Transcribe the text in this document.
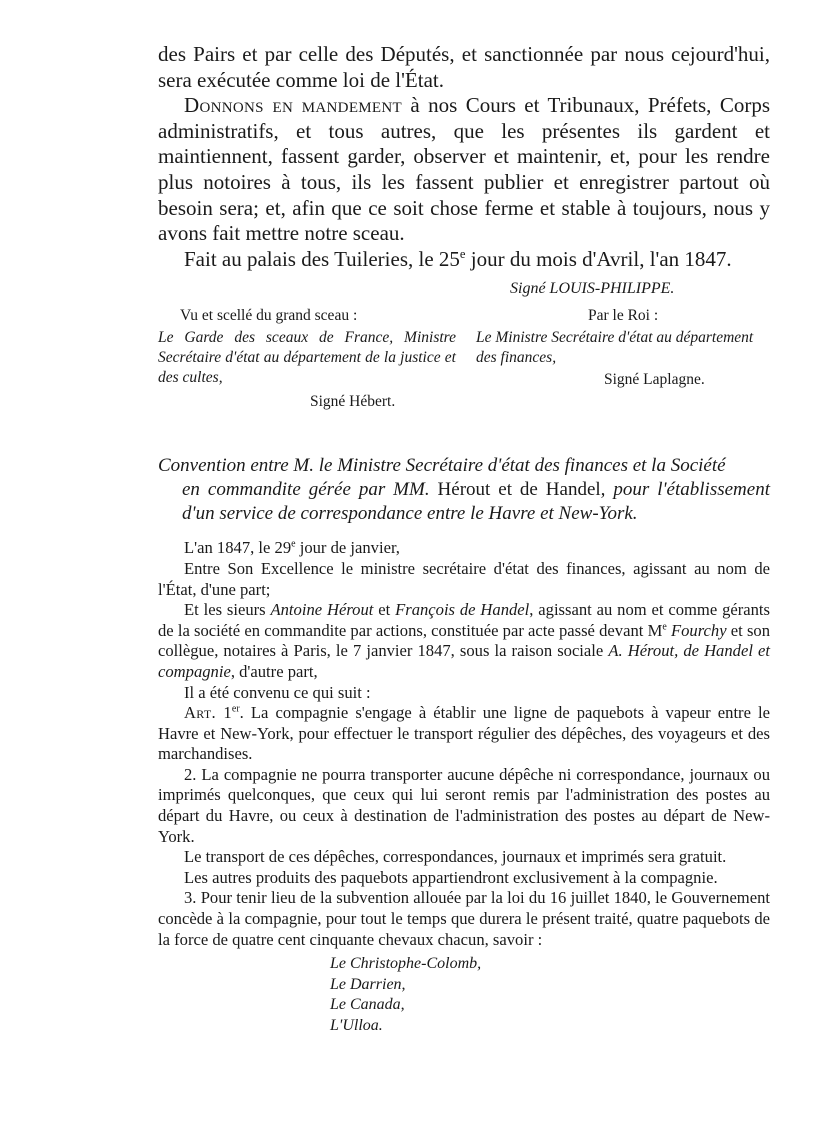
des Pairs et par celle des Députés, et sanctionnée par nous cejourd'hui, sera exécutée comme loi de l'État.

Donnons en mandement à nos Cours et Tribunaux, Préfets, Corps administratifs, et tous autres, que les présentes ils gardent et maintiennent, fassent garder, observer et maintenir, et, pour les rendre plus notoires à tous, ils les fassent publier et enregistrer partout où besoin sera; et, afin que ce soit chose ferme et stable à toujours, nous y avons fait mettre notre sceau.

Fait au palais des Tuileries, le 25e jour du mois d'Avril, l'an 1847.

Signé LOUIS-PHILIPPE.
Vu et scellé du grand sceau :	Par le Roi :
Le Garde des sceaux de France, Ministre Secrétaire d'état au département de la justice et des cultes,
Le Ministre Secrétaire d'état au département des finances,
Signé Laplagne.
Signé Hébert.
Convention entre M. le Ministre Secrétaire d'état des finances et la Société
en commandite gérée par MM. Hérout et de Handel, pour l'établissement d'un service de correspondance entre le Havre et New-York.

L'an 1847, le 29e jour de janvier,

Entre Son Excellence le ministre secrétaire d'état des finances, agissant au nom de l'État, d'une part;

Et les sieurs Antoine Hérout et François de Handel, agissant au nom et comme gérants de la société en commandite par actions, constituée par acte passé devant Me Fourchy et son collègue, notaires à Paris, le 7 janvier 1847, sous la raison sociale A. Hérout, de Handel et compagnie, d'autre part,

Il a été convenu ce qui suit :

Art. 1er. La compagnie s'engage à établir une ligne de paquebots à vapeur entre le Havre et New-York, pour effectuer le transport régulier des dépêches, des voyageurs et des marchandises.

2. La compagnie ne pourra transporter aucune dépêche ni correspondance, journaux ou imprimés quelconques, que ceux qui lui seront remis par l'administration des postes au départ du Havre, ou ceux à destination de l'administration des postes au départ de New-York.

Le transport de ces dépêches, correspondances, journaux et imprimés sera gratuit.

Les autres produits des paquebots appartiendront exclusivement à la compagnie.

3. Pour tenir lieu de la subvention allouée par la loi du 16 juillet 1840, le Gouvernement concède à la compagnie, pour tout le temps que durera le présent traité, quatre paquebots de la force de quatre cent cinquante chevaux chacun, savoir :

Le Christophe-Colomb,
Le Darrien,
Le Canada,
L'Ulloa.
